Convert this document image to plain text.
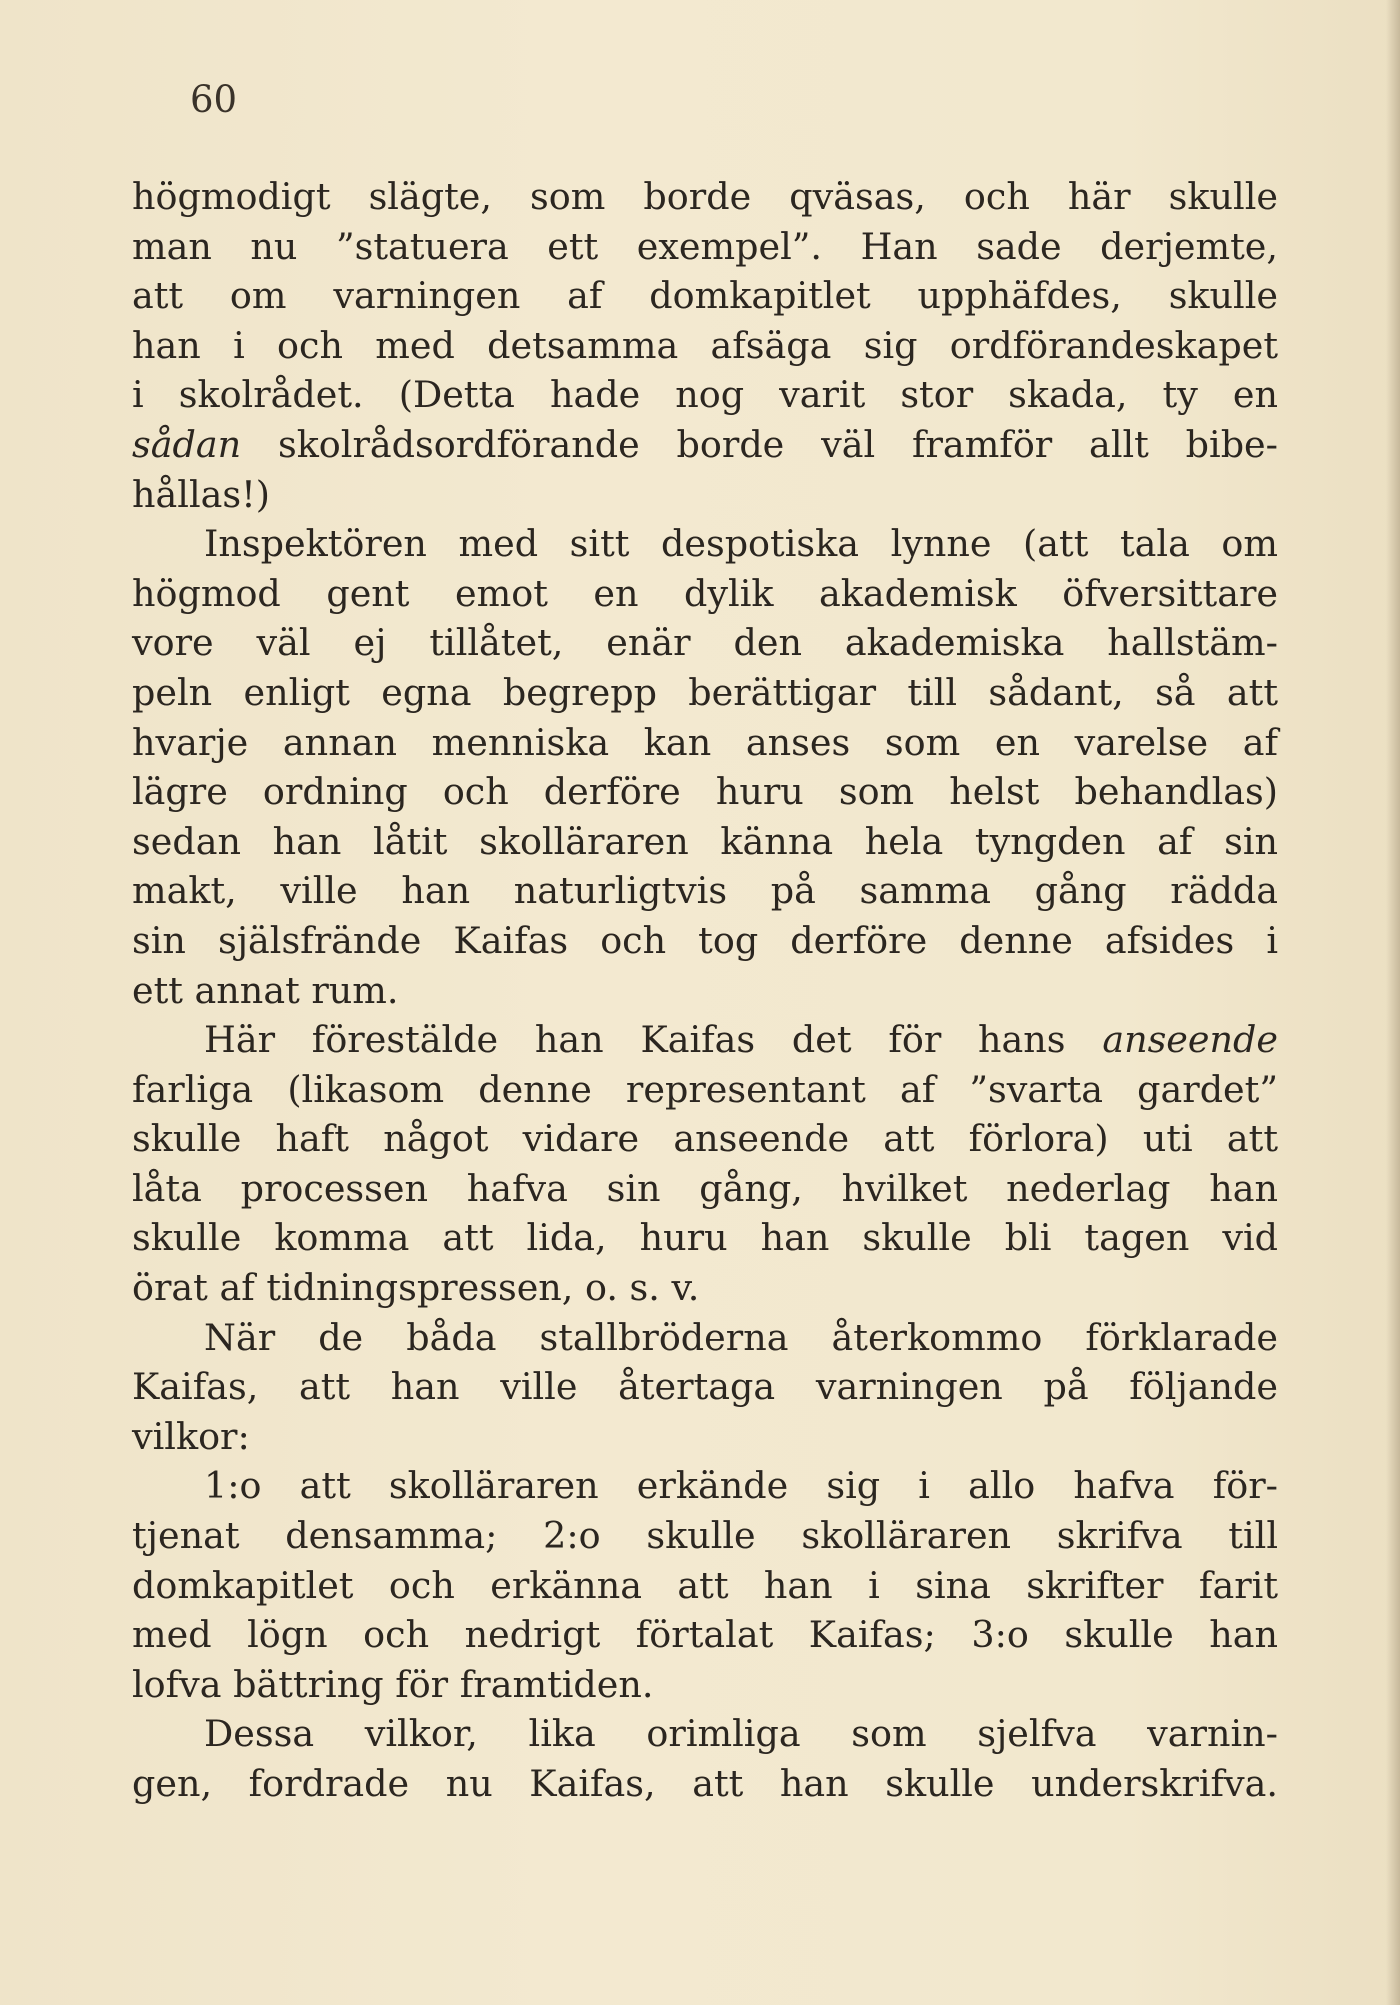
60
högmodigt slägte, som borde qväsas, och här skulle
man nu ”statuera ett exempel”. Han sade derjemte,
att om varningen af domkapitlet upphäfdes, skulle
han i och med detsamma afsäga sig ordförandeskapet
i skolrådet. (Detta hade nog varit stor skada, ty en
sådan skolrådsordförande borde väl framför allt bibe-
hållas!)
Inspektören med sitt despotiska lynne (att tala om
högmod gent emot en dylik akademisk öfversittare
vore väl ej tillåtet, enär den akademiska hallstäm-
peln enligt egna begrepp berättigar till sådant, så att
hvarje annan menniska kan anses som en varelse af
lägre ordning och derföre huru som helst behandlas)
sedan han låtit skolläraren känna hela tyngden af sin
makt, ville han naturligtvis på samma gång rädda
sin själsfrände Kaifas och tog derföre denne afsides i
ett annat rum.
Här förestälde han Kaifas det för hans anseende
farliga (likasom denne representant af ”svarta gardet”
skulle haft något vidare anseende att förlora) uti att
låta processen hafva sin gång, hvilket nederlag han
skulle komma att lida, huru han skulle bli tagen vid
örat af tidningspressen, o. s. v.
När de båda stallbröderna återkommo förklarade
Kaifas, att han ville återtaga varningen på följande
vilkor:
1:o att skolläraren erkände sig i allo hafva för-
tjenat densamma; 2:o skulle skolläraren skrifva till
domkapitlet och erkänna att han i sina skrifter farit
med lögn och nedrigt förtalat Kaifas; 3:o skulle han
lofva bättring för framtiden.
Dessa vilkor, lika orimliga som sjelfva varnin-
gen, fordrade nu Kaifas, att han skulle underskrifva.
